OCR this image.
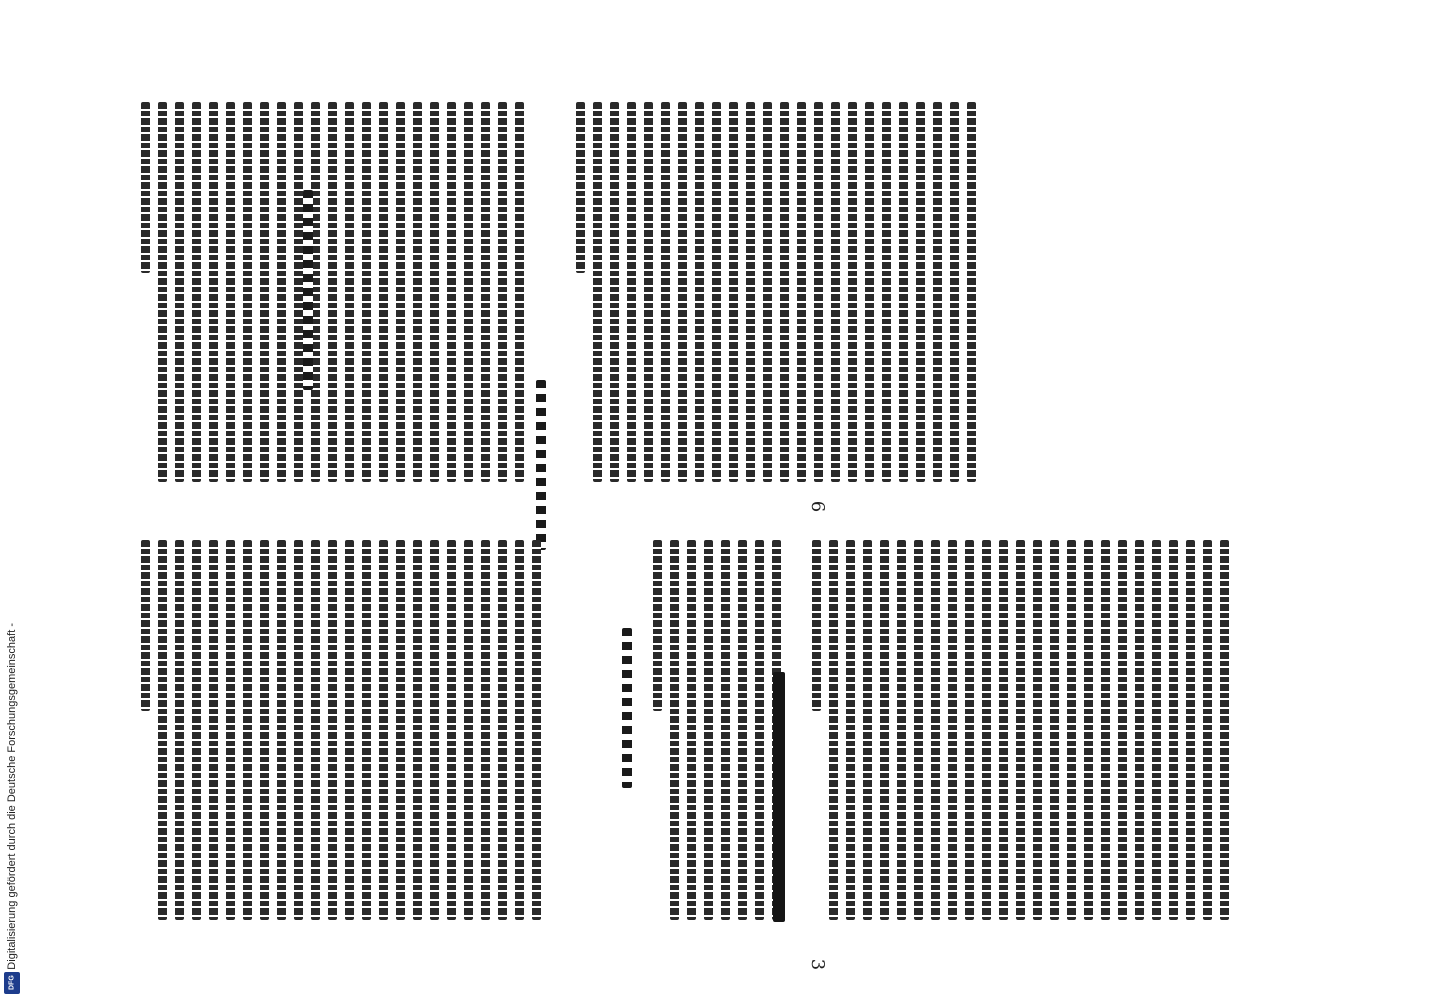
Digitalisierung gefördert durch die Deutsche Forschungsgemeinschaft -
DFG
6
3
